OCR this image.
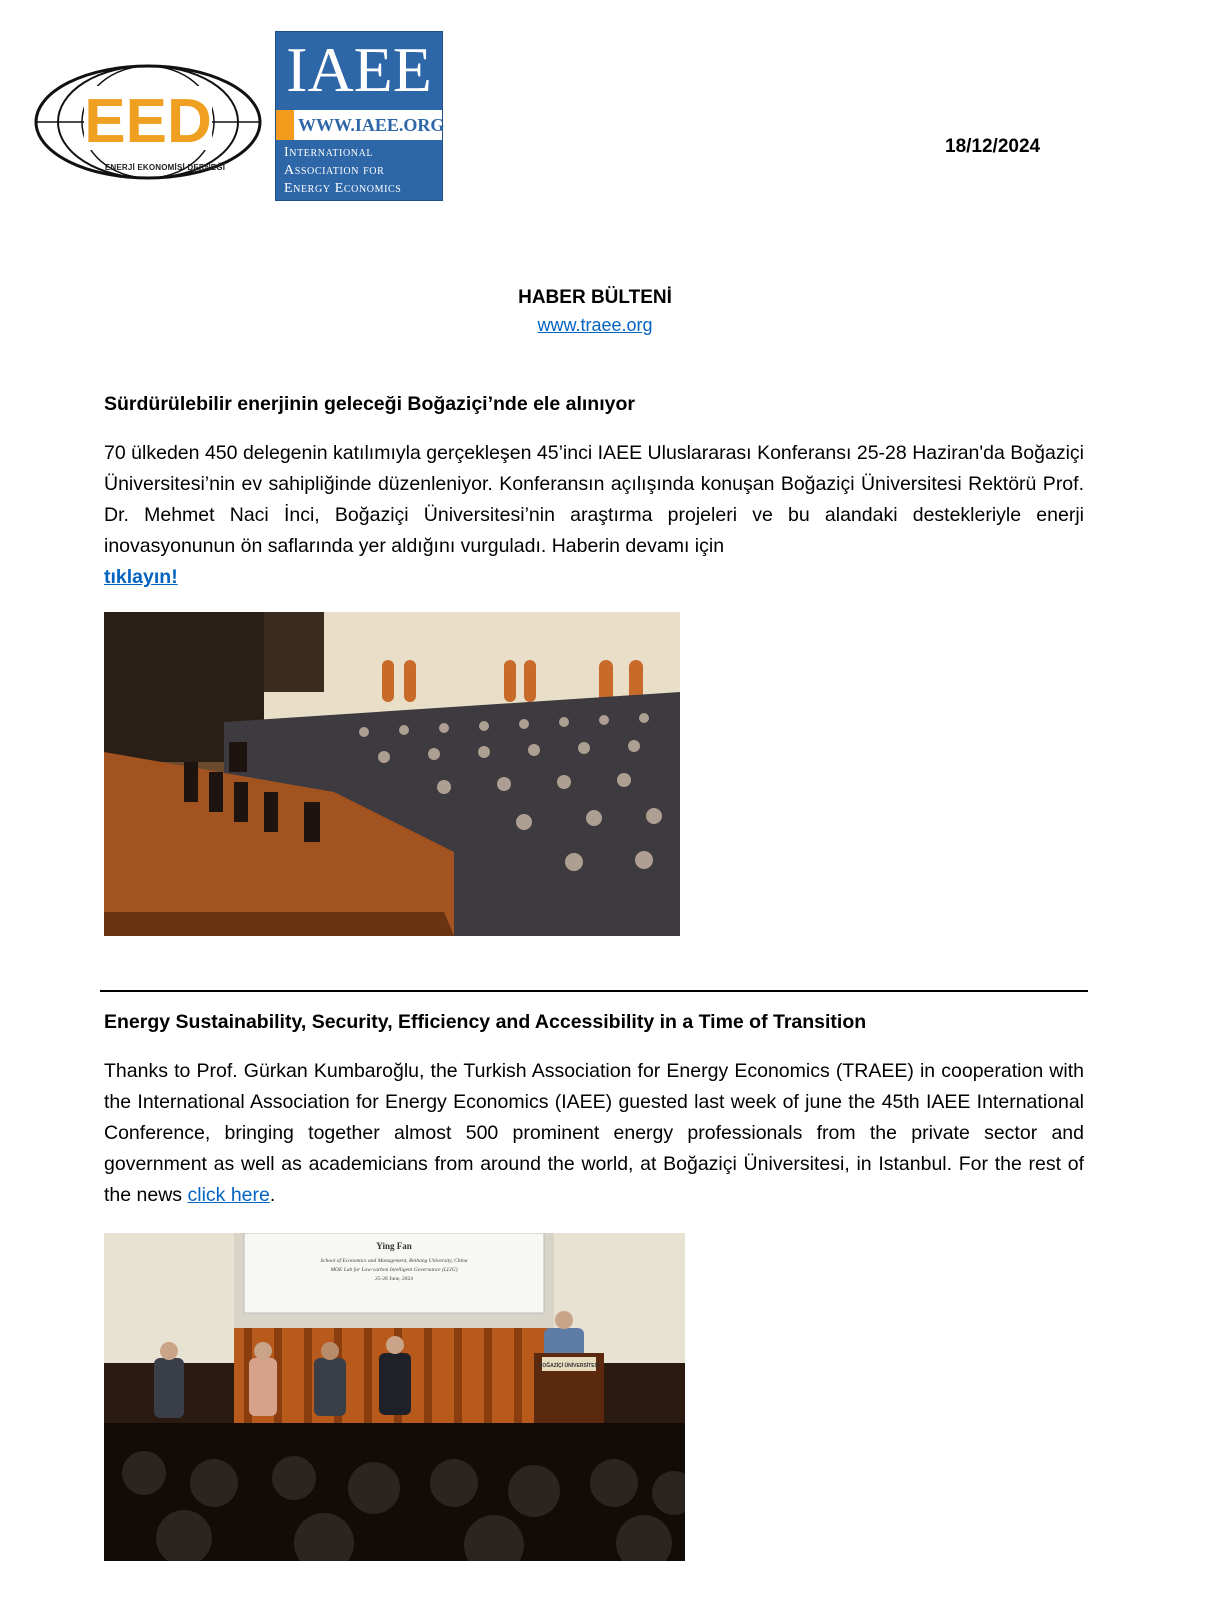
EED
ENERJİ EKONOMİSİ DERNEĞİ
IAEE
WWW.IAEE.ORG
International
Association for
Energy Economics
18/12/2024
HABER BÜLTENİ
www.traee.org
Sürdürülebilir enerjinin geleceği Boğaziçi’nde ele alınıyor
70 ülkeden 450 delegenin katılımıyla gerçekleşen 45’inci IAEE Uluslararası Konferansı 25-28 Haziran'da Boğaziçi Üniversitesi’nin ev sahipliğinde düzenleniyor. Konferansın açılışında konuşan Boğaziçi Üniversitesi Rektörü Prof. Dr. Mehmet Naci İnci, Boğaziçi Üniversitesi’nin araştırma projeleri ve bu alandaki destekleriyle enerji inovasyonunun ön saflarında yer aldığını vurguladı. Haberin devamı için
tıklayın!
Energy Sustainability, Security, Efficiency and Accessibility in a Time of Transition
Thanks to Prof. Gürkan Kumbaroğlu, the Turkish Association for Energy Economics (TRAEE) in cooperation with the International Association for Energy Economics (IAEE) guested last week of june the 45th IAEE International Conference, bringing together almost 500 prominent energy professionals from the private sector and government as well as academicians from around the world, at Boğaziçi Üniversitesi, in Istanbul. For the rest of the news click here.
Ying Fan
School of Economics and Management, Beihang University, China
MOE Lab for Low-carbon Intelligent Governance (LLIG)
25-28 June, 2024
BOĞAZİÇİ ÜNİVERSİTESİ
